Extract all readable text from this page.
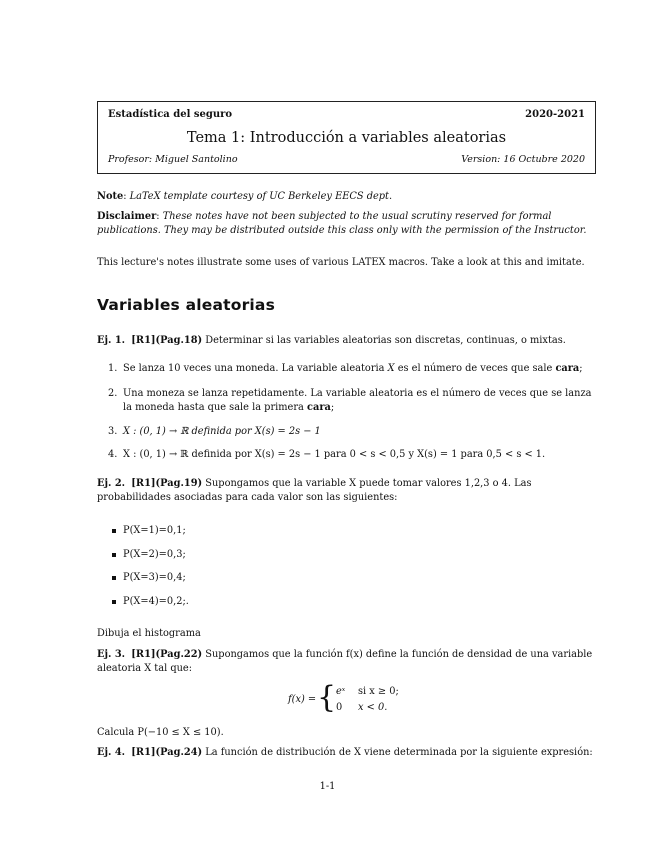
Estadística del seguro	2020-2021
Tema 1: Introducción a variables aleatorias
Profesor: Miguel Santolino	Version: 16 Octubre 2020
Note: LaTeX template courtesy of UC Berkeley EECS dept.
Disclaimer: These notes have not been subjected to the usual scrutiny reserved for formal publications. They may be distributed outside this class only with the permission of the Instructor.
This lecture's notes illustrate some uses of various LATEX macros. Take a look at this and imitate.
Variables aleatorias
Ej. 1. [R1](Pag.18) Determinar si las variables aleatorias son discretas, continuas, o mixtas.
1. Se lanza 10 veces una moneda. La variable aleatoria X es el número de veces que sale cara;
2. Una moneza se lanza repetidamente. La variable aleatoria es el número de veces que se lanza la moneda hasta que sale la primera cara;
3. X : (0, 1) → ℝ definida por X(s) = 2s − 1
4. X : (0, 1) → ℝ definida por X(s) = 2s − 1 para 0 < s < 0,5 y X(s) = 1 para 0,5 < s < 1.
Ej. 2. [R1](Pag.19) Supongamos que la variable X puede tomar valores 1,2,3 o 4. Las probabilidades asociadas para cada valor son las siguientes:
P(X=1)=0,1;
P(X=2)=0,3;
P(X=3)=0,4;
P(X=4)=0,2;.
Dibuja el histograma
Ej. 3. [R1](Pag.22) Supongamos que la función f(x) define la función de densidad de una variable aleatoria X tal que:
f(x) = { eˣ si x ≥ 0;
0 x < 0.
Calcula P(−10 ≤ X ≤ 10).
Ej. 4. [R1](Pag.24) La función de distribución de X viene determinada por la siguiente expresión:
1-1
